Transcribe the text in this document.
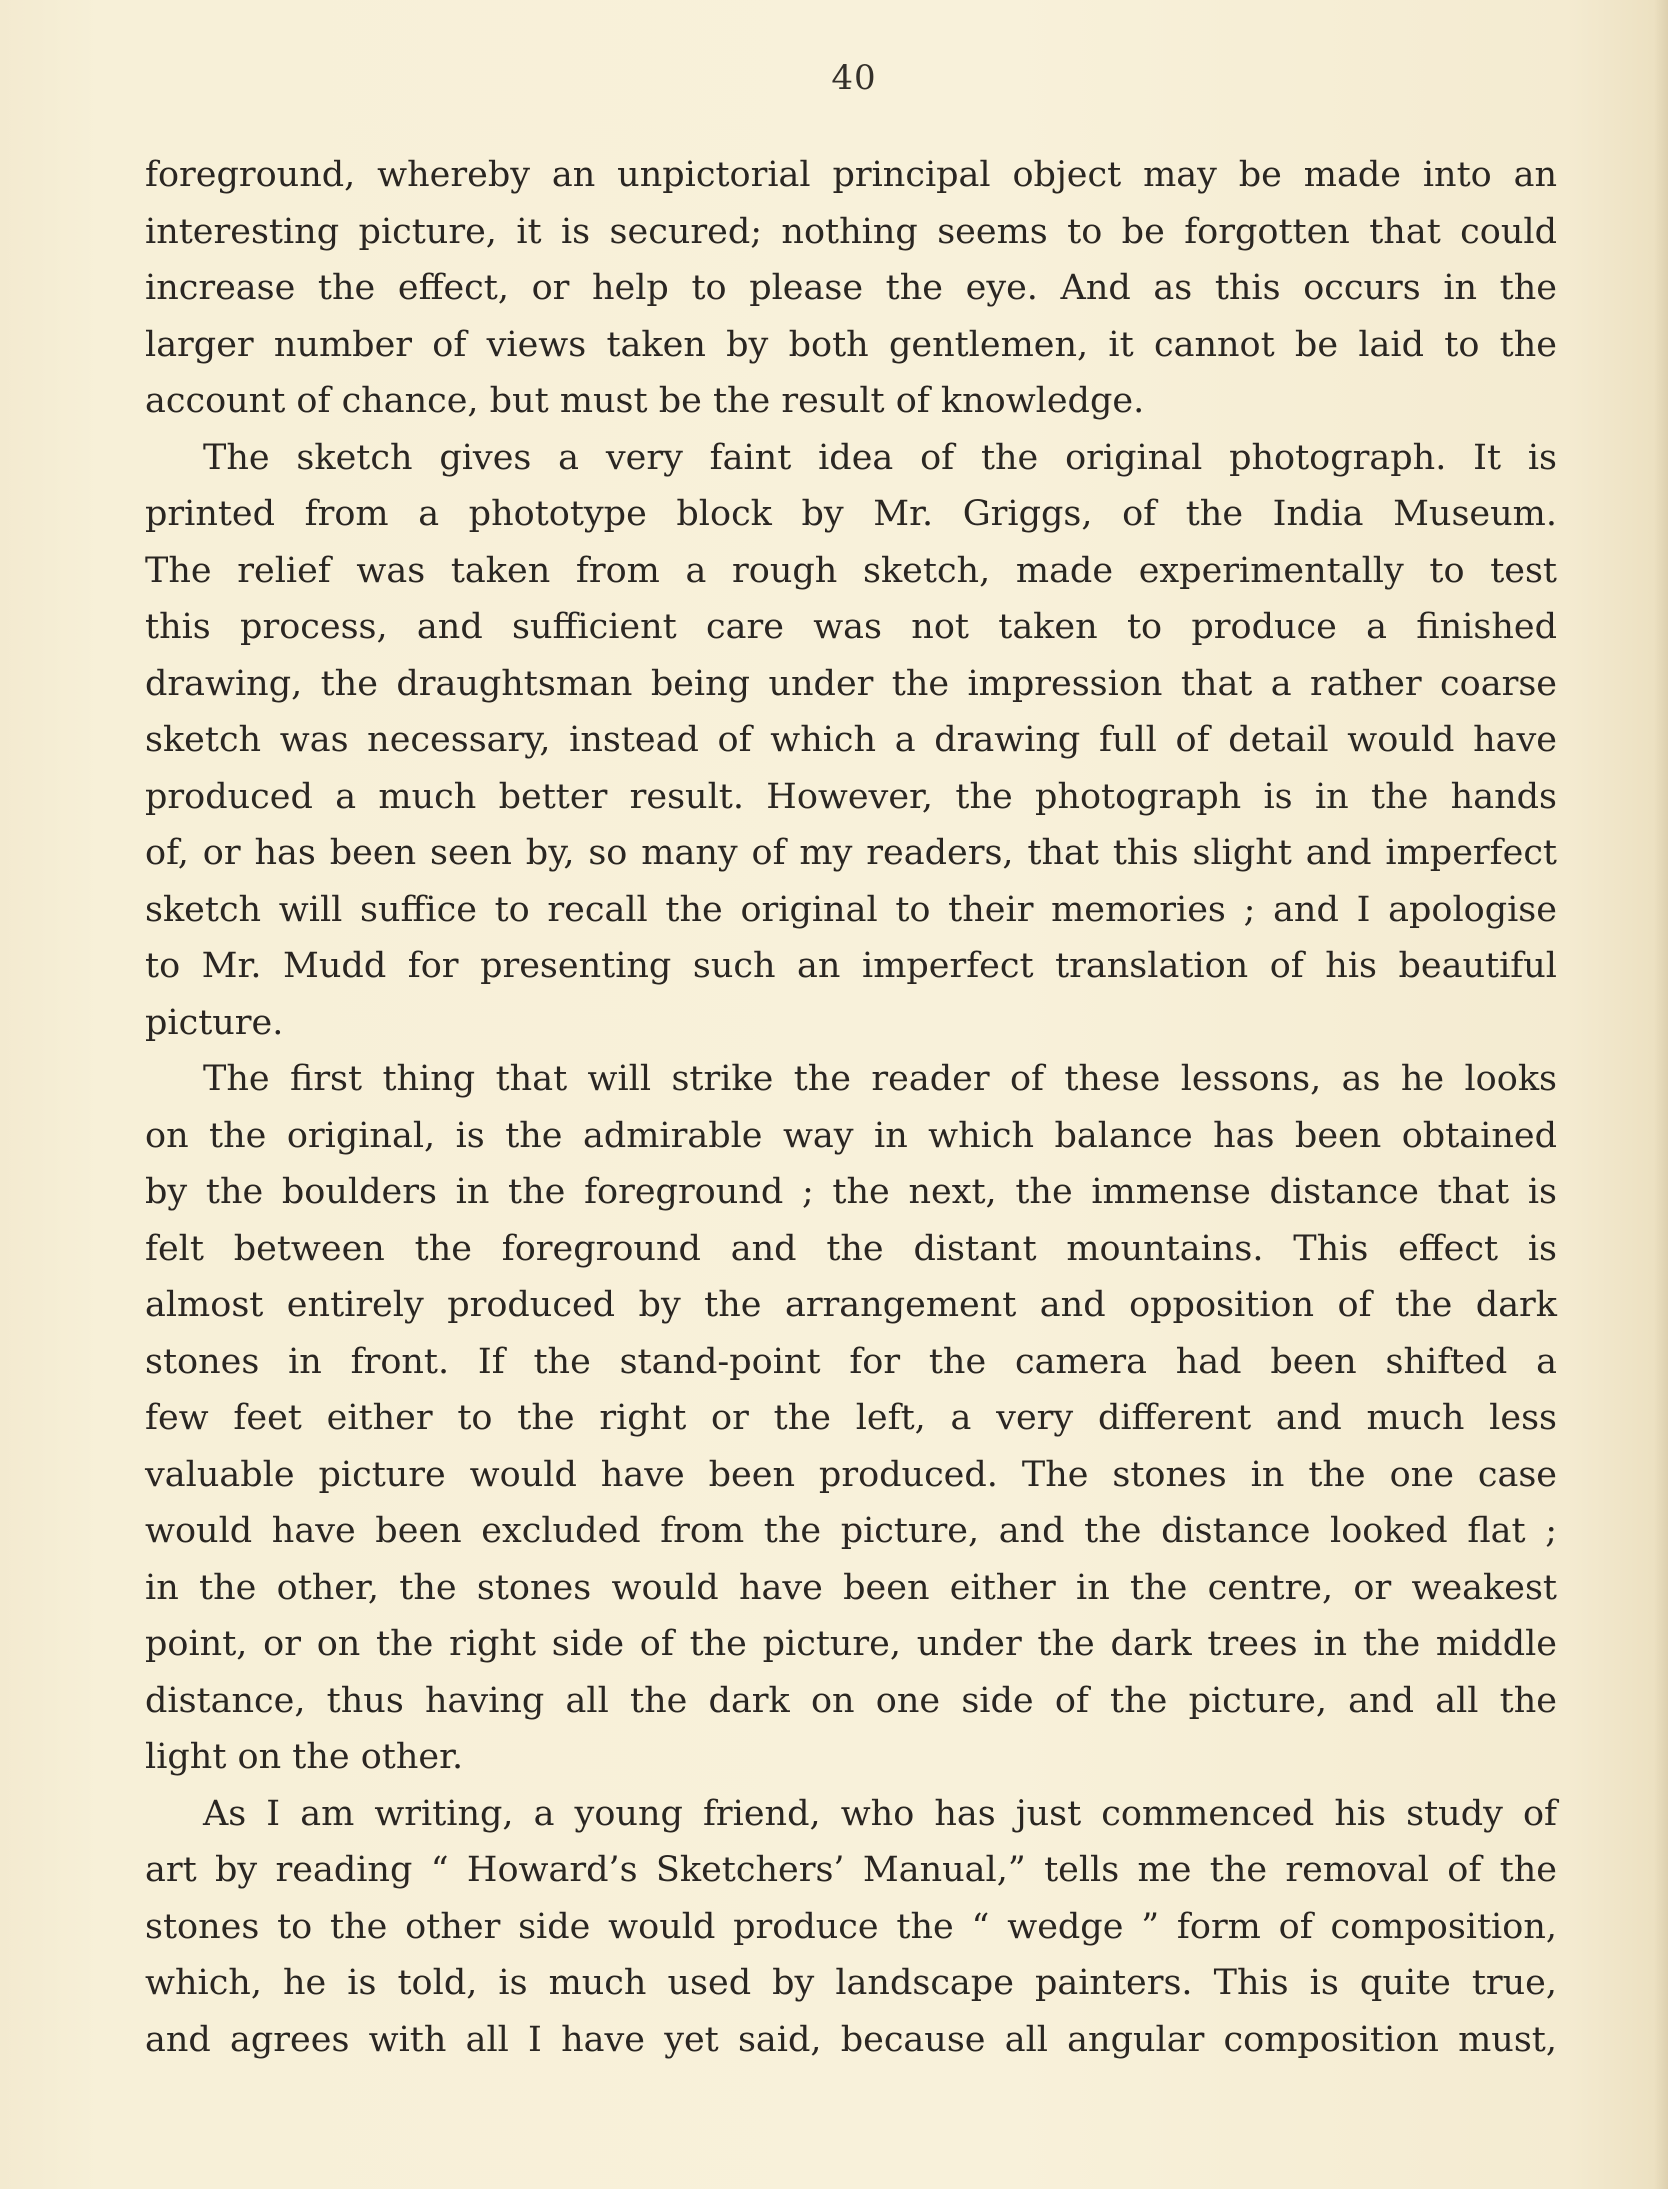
40
foreground, whereby an unpictorial principal object may be made into an
interesting picture, it is secured; nothing seems to be forgotten that could
increase the effect, or help to please the eye. And as this occurs in the
larger number of views taken by both gentlemen, it cannot be laid to the
account of chance, but must be the result of knowledge.
The sketch gives a very faint idea of the original photograph. It is
printed from a phototype block by Mr. Griggs, of the India Museum.
The relief was taken from a rough sketch, made experimentally to test
this process, and sufficient care was not taken to produce a finished
drawing, the draughtsman being under the impression that a rather coarse
sketch was necessary, instead of which a drawing full of detail would have
produced a much better result. However, the photograph is in the hands
of, or has been seen by, so many of my readers, that this slight and imperfect
sketch will suffice to recall the original to their memories ; and I apologise
to Mr. Mudd for presenting such an imperfect translation of his beautiful
picture.
The first thing that will strike the reader of these lessons, as he looks
on the original, is the admirable way in which balance has been obtained
by the boulders in the foreground ; the next, the immense distance that is
felt between the foreground and the distant mountains. This effect is
almost entirely produced by the arrangement and opposition of the dark
stones in front. If the stand-point for the camera had been shifted a
few feet either to the right or the left, a very different and much less
valuable picture would have been produced. The stones in the one case
would have been excluded from the picture, and the distance looked flat ;
in the other, the stones would have been either in the centre, or weakest
point, or on the right side of the picture, under the dark trees in the middle
distance, thus having all the dark on one side of the picture, and all the
light on the other.
As I am writing, a young friend, who has just commenced his study of
art by reading “ Howard’s Sketchers’ Manual,” tells me the removal of the
stones to the other side would produce the “ wedge ” form of composition,
which, he is told, is much used by landscape painters. This is quite true,
and agrees with all I have yet said, because all angular composition must,
